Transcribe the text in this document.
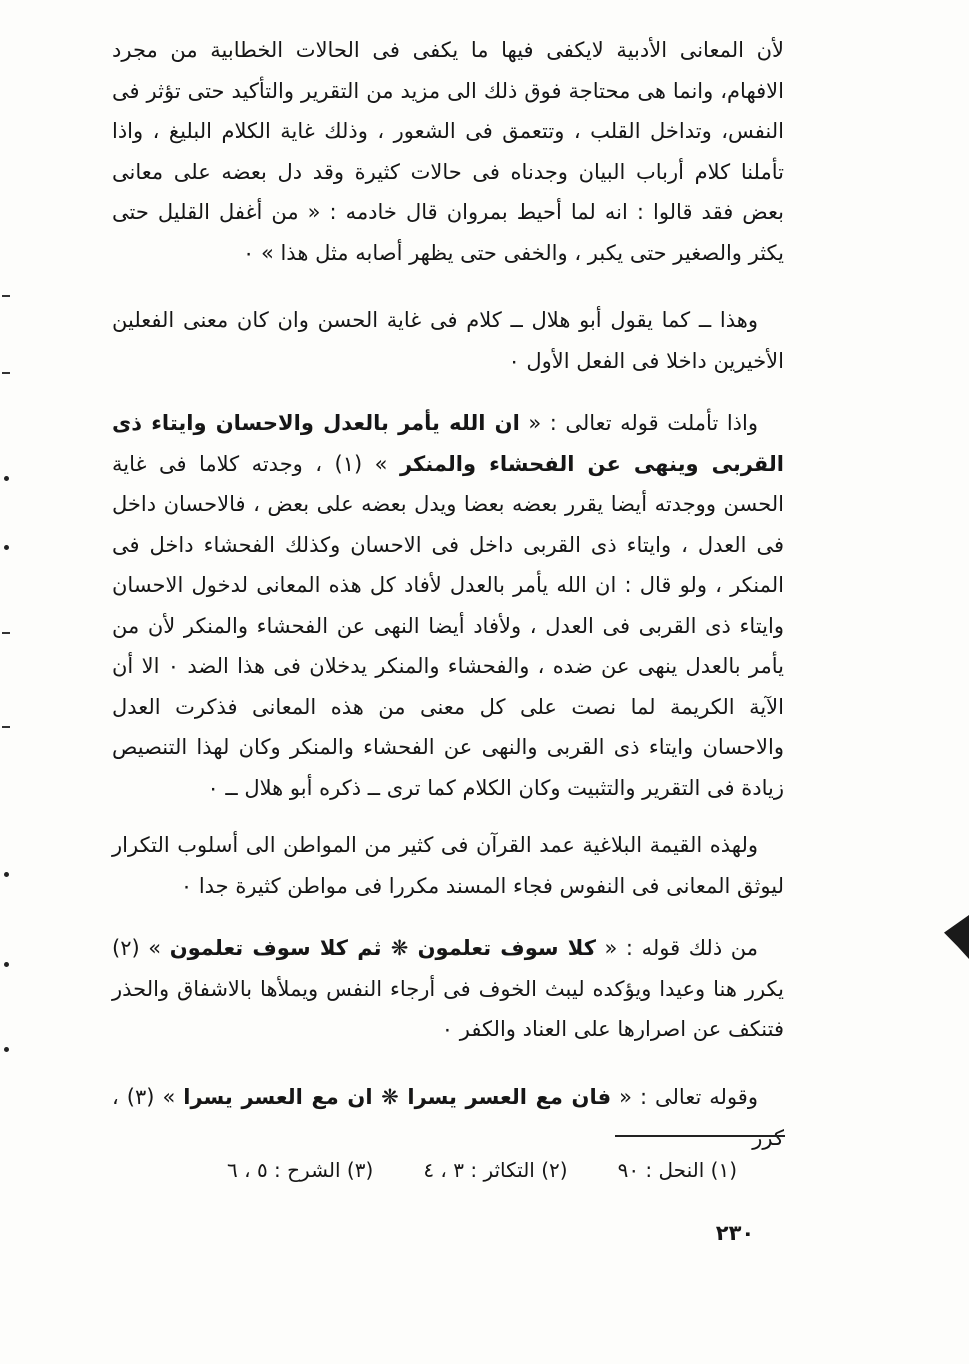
لأن المعانى الأدبية لايكفى فيها ما يكفى فى الحالات الخطابية من مجرد الافهام، وانما هى محتاجة فوق ذلك الى مزيد من التقرير والتأكيد حتى تؤثر فى النفس، وتداخل القلب ، وتتعمق فى الشعور ، وذلك غاية الكلام البليغ ، واذا تأملنا كلام أرباب البيان وجدناه فى حالات كثيرة وقد دل بعضه على معانى بعض فقد قالوا : انه لما أحيط بمروان قال خادمه : « من أغفل القليل حتى يكثر والصغير حتى يكبر ، والخفى حتى يظهر أصابه مثل هذا » ٠

وهذا ــ كما يقول أبو هلال ــ كلام فى غاية الحسن وان كان معنى الفعلين الأخيرين داخلا فى الفعل الأول ٠

واذا تأملت قوله تعالى : « ان الله يأمر بالعدل والاحسان وايتاء ذى القربى وينهى عن الفحشاء والمنكر » (١) ، وجدته كلاما فى غاية الحسن ووجدته أيضا يقرر بعضه بعضا ويدل بعضه على بعض ، فالاحسان داخل فى العدل ، وايتاء ذى القربى داخل فى الاحسان وكذلك الفحشاء داخل فى المنكر ، ولو قال : ان الله يأمر بالعدل لأفاد كل هذه المعانى لدخول الاحسان وايتاء ذى القربى فى العدل ، ولأفاد أيضا النهى عن الفحشاء والمنكر لأن من يأمر بالعدل ينهى عن ضده ، والفحشاء والمنكر يدخلان فى هذا الضد ٠ الا أن الآية الكريمة لما نصت على كل معنى من هذه المعانى فذكرت العدل والاحسان وايتاء ذى القربى والنهى عن الفحشاء والمنكر وكان لهذا التنصيص زيادة فى التقرير والتثبيت وكان الكلام كما ترى ــ ذكره أبو هلال ــ ٠

ولهذه القيمة البلاغية عمد القرآن فى كثير من المواطن الى أسلوب التكرار ليوثق المعانى فى النفوس فجاء المسند مكررا فى مواطن كثيرة جدا ٠

من ذلك قوله : « كلا سوف تعلمون ❋ ثم كلا سوف تعلمون » (٢) يكرر هنا وعيدا ويؤكده ليبث الخوف فى أرجاء النفس ويملأها بالاشفاق والحذر فتنكف عن اصرارها على العناد والكفر ٠

وقوله تعالى : « فان مع العسر يسرا ❋ ان مع العسر يسرا » (٣) ، كرر

(١) النحل : ٩٠
(٢) التكاثر : ٣ ، ٤
(٣) الشرح : ٥ ، ٦
٢٣٠
